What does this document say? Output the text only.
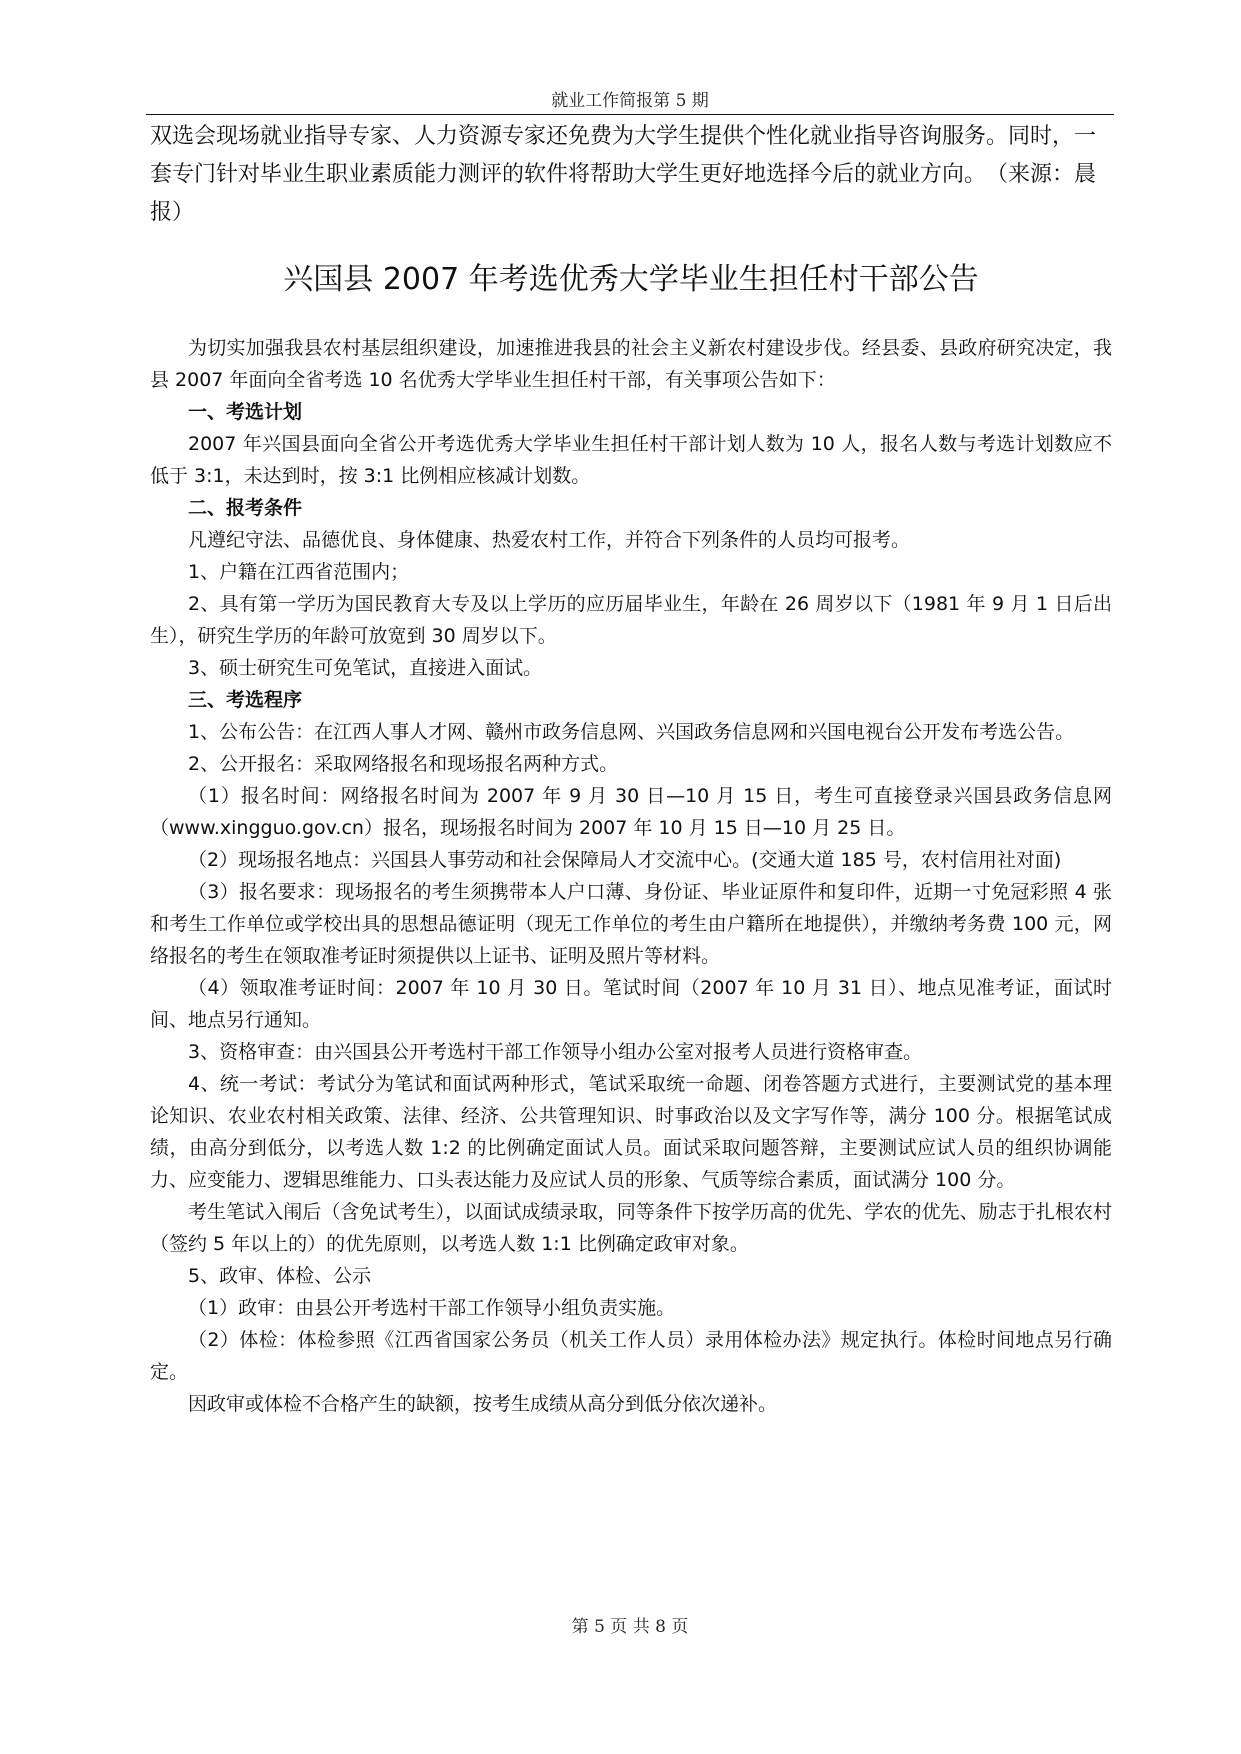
就业工作简报第 5 期

双选会现场就业指导专家、人力资源专家还免费为大学生提供个性化就业指导咨询服务。同时，一套专门针对毕业生职业素质能力测评的软件将帮助大学生更好地选择今后的就业方向。　（来源：晨报）

兴国县 2007 年考选优秀大学毕业生担任村干部公告

为切实加强我县农村基层组织建设，加速推进我县的社会主义新农村建设步伐。经县委、县政府研究决定，我县 2007 年面向全省考选 10 名优秀大学毕业生担任村干部，有关事项公告如下：

一、考选计划

2007 年兴国县面向全省公开考选优秀大学毕业生担任村干部计划人数为 10 人，报名人数与考选计划数应不低于 3:1，未达到时，按 3:1 比例相应核减计划数。

二、报考条件

凡遵纪守法、品德优良、身体健康、热爱农村工作，并符合下列条件的人员均可报考。

1、户籍在江西省范围内；

2、具有第一学历为国民教育大专及以上学历的应历届毕业生，年龄在 26 周岁以下（1981 年 9 月 1 日后出生），研究生学历的年龄可放宽到 30 周岁以下。

3、硕士研究生可免笔试，直接进入面试。

三、考选程序

1、公布公告：在江西人事人才网、赣州市政务信息网、兴国政务信息网和兴国电视台公开发布考选公告。

2、公开报名：采取网络报名和现场报名两种方式。

（1）报名时间：网络报名时间为 2007 年 9 月 30 日—10 月 15 日，考生可直接登录兴国县政务信息网（www.xingguo.gov.cn）报名，现场报名时间为 2007 年 10 月 15 日—10 月 25 日。

（2）现场报名地点：兴国县人事劳动和社会保障局人才交流中心。(交通大道 185 号，农村信用社对面)

（3）报名要求：现场报名的考生须携带本人户口薄、身份证、毕业证原件和复印件，近期一寸免冠彩照 4 张和考生工作单位或学校出具的思想品德证明（现无工作单位的考生由户籍所在地提供），并缴纳考务费 100 元，网络报名的考生在领取准考证时须提供以上证书、证明及照片等材料。

（4）领取准考证时间：2007 年 10 月 30 日。笔试时间（2007 年 10 月 31 日）、地点见准考证，面试时间、地点另行通知。

3、资格审查：由兴国县公开考选村干部工作领导小组办公室对报考人员进行资格审查。

4、统一考试：考试分为笔试和面试两种形式，笔试采取统一命题、闭卷答题方式进行，主要测试党的基本理论知识、农业农村相关政策、法律、经济、公共管理知识、时事政治以及文字写作等，满分 100 分。根据笔试成绩，由高分到低分，以考选人数 1:2 的比例确定面试人员。面试采取问题答辩，主要测试应试人员的组织协调能力、应变能力、逻辑思维能力、口头表达能力及应试人员的形象、气质等综合素质，面试满分 100 分。

考生笔试入闱后（含免试考生），以面试成绩录取，同等条件下按学历高的优先、学农的优先、励志于扎根农村（签约 5 年以上的）的优先原则，以考选人数 1:1 比例确定政审对象。

5、政审、体检、公示

（1）政审：由县公开考选村干部工作领导小组负责实施。

（2）体检：体检参照《江西省国家公务员（机关工作人员）录用体检办法》规定执行。体检时间地点另行确定。

因政审或体检不合格产生的缺额，按考生成绩从高分到低分依次递补。

第 5 页 共 8 页
